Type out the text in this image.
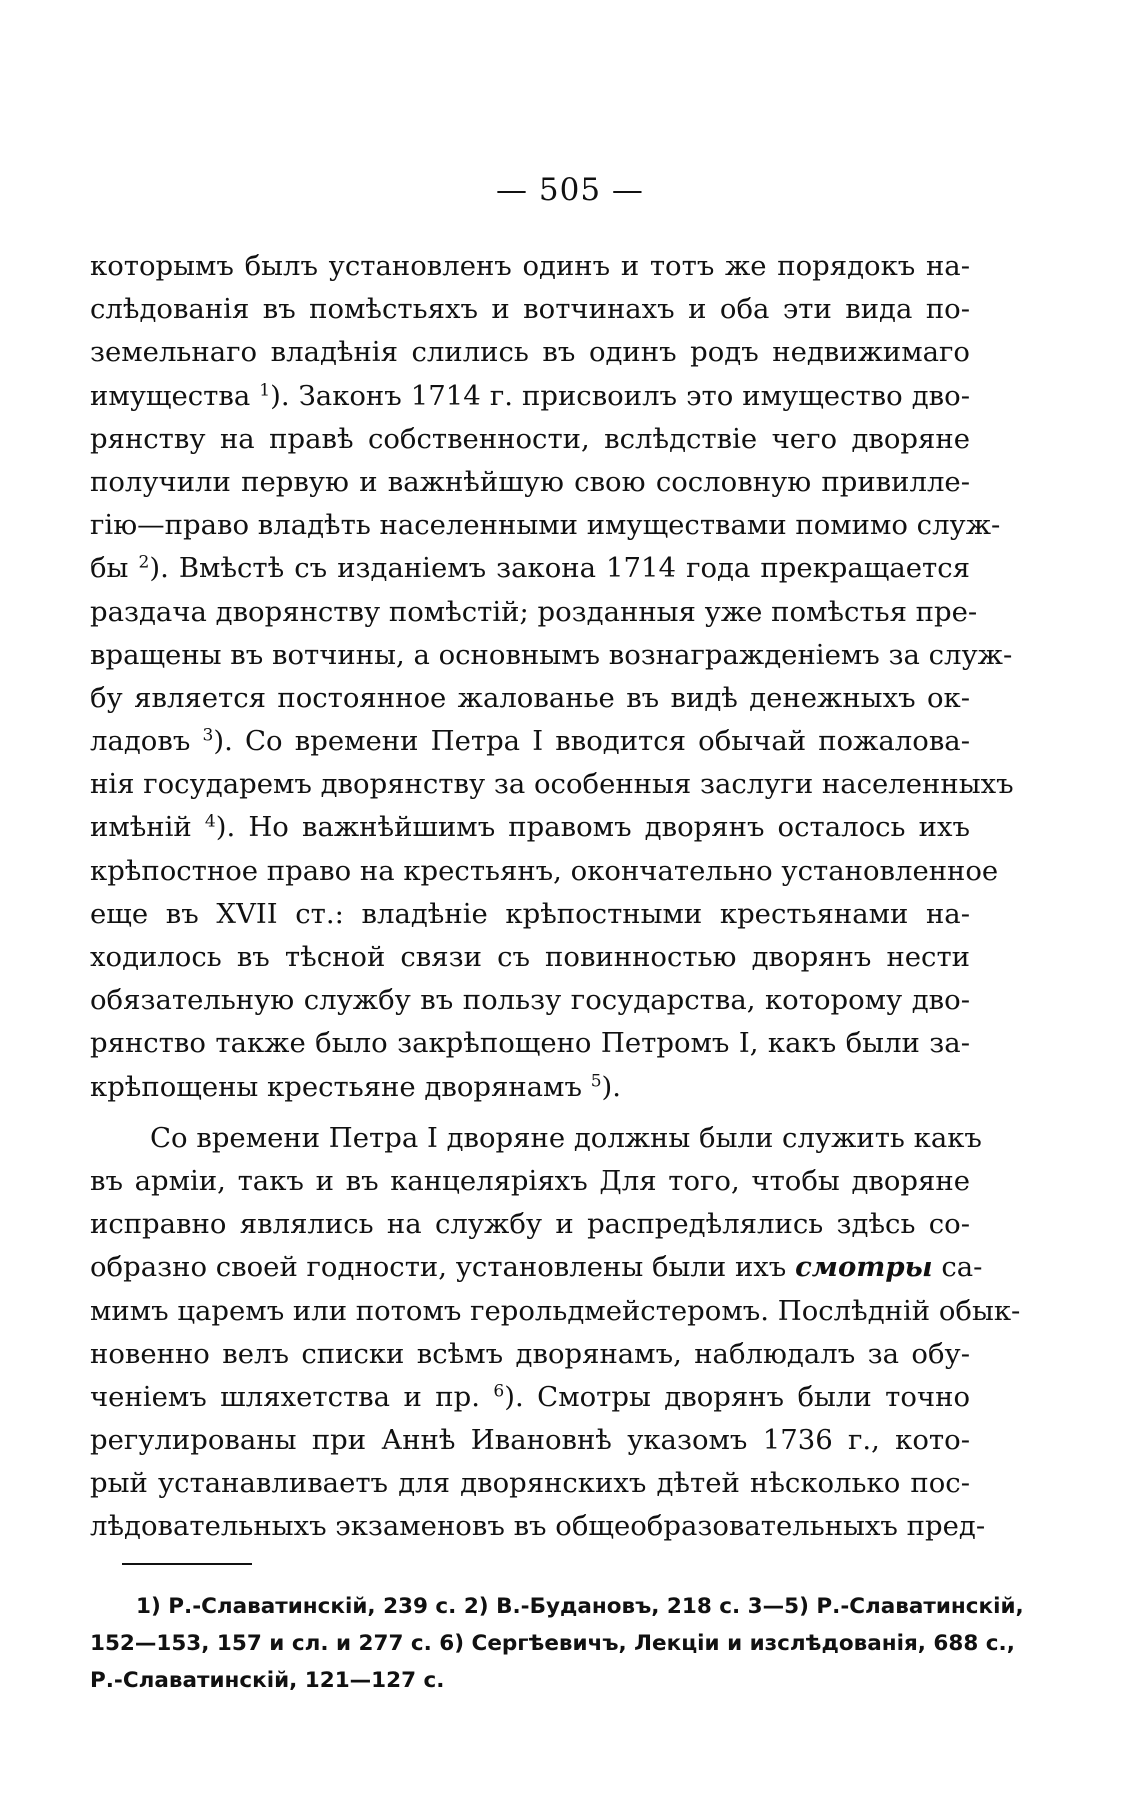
— 505 —
которымъ былъ установленъ одинъ и тотъ же порядокъ на-
слѣдованія въ помѣстьяхъ и вотчинахъ и оба эти вида по-
земельнаго владѣнія слились въ одинъ родъ недвижимаго
имущества $^1$). Законъ 1714 г. присвоилъ это имущество дво-
рянству на правѣ собственности, вслѣдствіе чего дворяне
получили первую и важнѣйшую свою сословную привилле-
гію—право владѣть населенными имуществами помимо служ-
бы $^2$). Вмѣстѣ съ изданіемъ закона 1714 года прекращается
раздача дворянству помѣстій; розданныя уже помѣстья пре-
вращены въ вотчины, а основнымъ вознагражденіемъ за служ-
бу является постоянное жалованье въ видѣ денежныхъ ок-
ладовъ $^3$). Со времени Петра I вводится обычай пожалова-
нія государемъ дворянству за особенныя заслуги населенныхъ
имѣній $^4$). Но важнѣйшимъ правомъ дворянъ осталось ихъ
крѣпостное право на крестьянъ, окончательно установленное
еще въ XVII ст.: владѣніе крѣпостными крестьянами на-
ходилось въ тѣсной связи съ повинностью дворянъ нести
обязательную службу въ пользу государства, которому дво-
рянство также было закрѣпощено Петромъ I, какъ были за-
крѣпощены крестьяне дворянамъ $^5$).
Со времени Петра I дворяне должны были служить какъ
въ арміи, такъ и въ канцеляріяхъ Для того, чтобы дворяне
исправно являлись на службу и распредѣлялись здѣсь со-
образно своей годности, установлены были ихъ смотры са-
мимъ царемъ или потомъ герольдмейстеромъ. Послѣдній обык-
новенно велъ списки всѣмъ дворянамъ, наблюдалъ за обу-
ченіемъ шляхетства и пр. $^6$). Смотры дворянъ были точно
регулированы при Аннѣ Ивановнѣ указомъ 1736 г., кото-
рый устанавливаетъ для дворянскихъ дѣтей нѣсколько пос-
лѣдовательныхъ экзаменовъ въ общеобразовательныхъ пред-
1) Р.-Славатинскій, 239 с. 2) В.-Будановъ, 218 с. 3—5) Р.-Славатинскій,
152—153, 157 и сл. и 277 с. 6) Сергѣевичъ, Лекціи и изслѣдованія, 688 с.,
Р.-Славатинскій, 121—127 с.
